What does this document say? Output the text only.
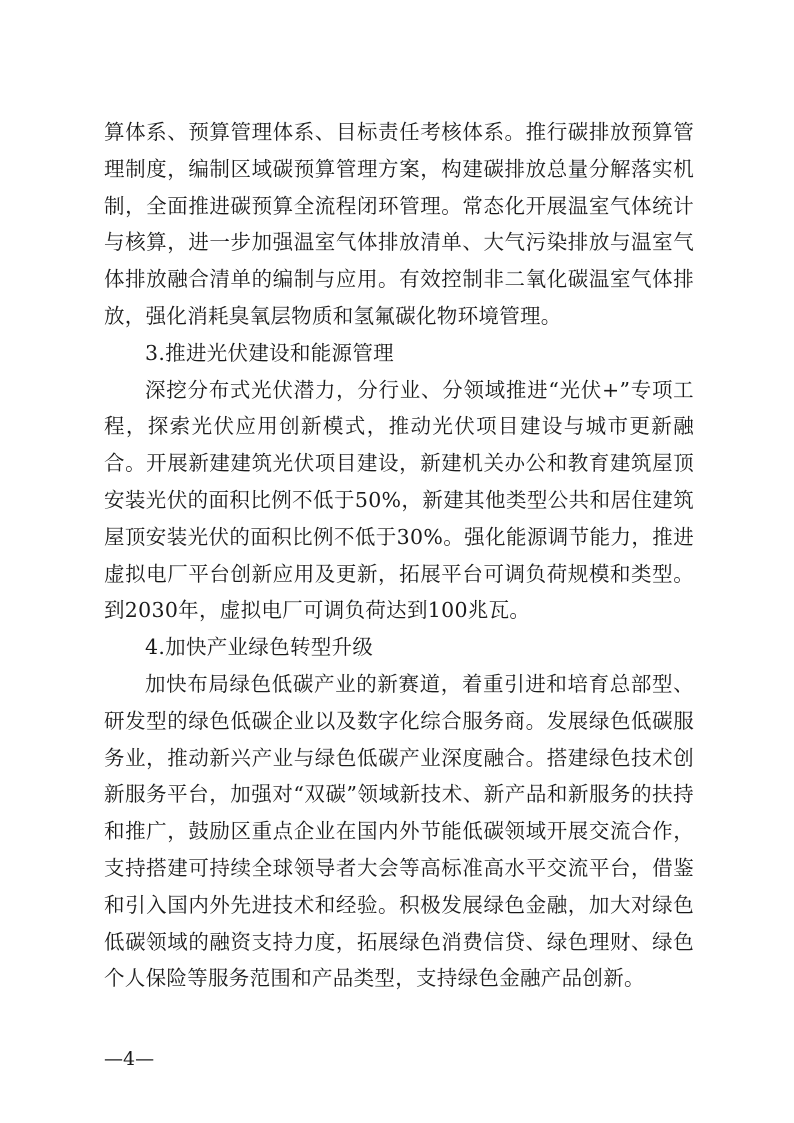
算体系、预算管理体系、目标责任考核体系。推行碳排放预算管理制度，编制区域碳预算管理方案，构建碳排放总量分解落实机制，全面推进碳预算全流程闭环管理。常态化开展温室气体统计与核算，进一步加强温室气体排放清单、大气污染排放与温室气体排放融合清单的编制与应用。有效控制非二氧化碳温室气体排放，强化消耗臭氧层物质和氢氟碳化物环境管理。

3.推进光伏建设和能源管理

深挖分布式光伏潜力，分行业、分领域推进“光伏+”专项工程，探索光伏应用创新模式，推动光伏项目建设与城市更新融合。开展新建建筑光伏项目建设，新建机关办公和教育建筑屋顶安装光伏的面积比例不低于50%，新建其他类型公共和居住建筑屋顶安装光伏的面积比例不低于30%。强化能源调节能力，推进虚拟电厂平台创新应用及更新，拓展平台可调负荷规模和类型。到2030年，虚拟电厂可调负荷达到100兆瓦。

4.加快产业绿色转型升级

加快布局绿色低碳产业的新赛道，着重引进和培育总部型、研发型的绿色低碳企业以及数字化综合服务商。发展绿色低碳服务业，推动新兴产业与绿色低碳产业深度融合。搭建绿色技术创新服务平台，加强对“双碳”领域新技术、新产品和新服务的扶持和推广，鼓励区重点企业在国内外节能低碳领域开展交流合作，支持搭建可持续全球领导者大会等高标准高水平交流平台，借鉴和引入国内外先进技术和经验。积极发展绿色金融，加大对绿色低碳领域的融资支持力度，拓展绿色消费信贷、绿色理财、绿色个人保险等服务范围和产品类型，支持绿色金融产品创新。

—4—
